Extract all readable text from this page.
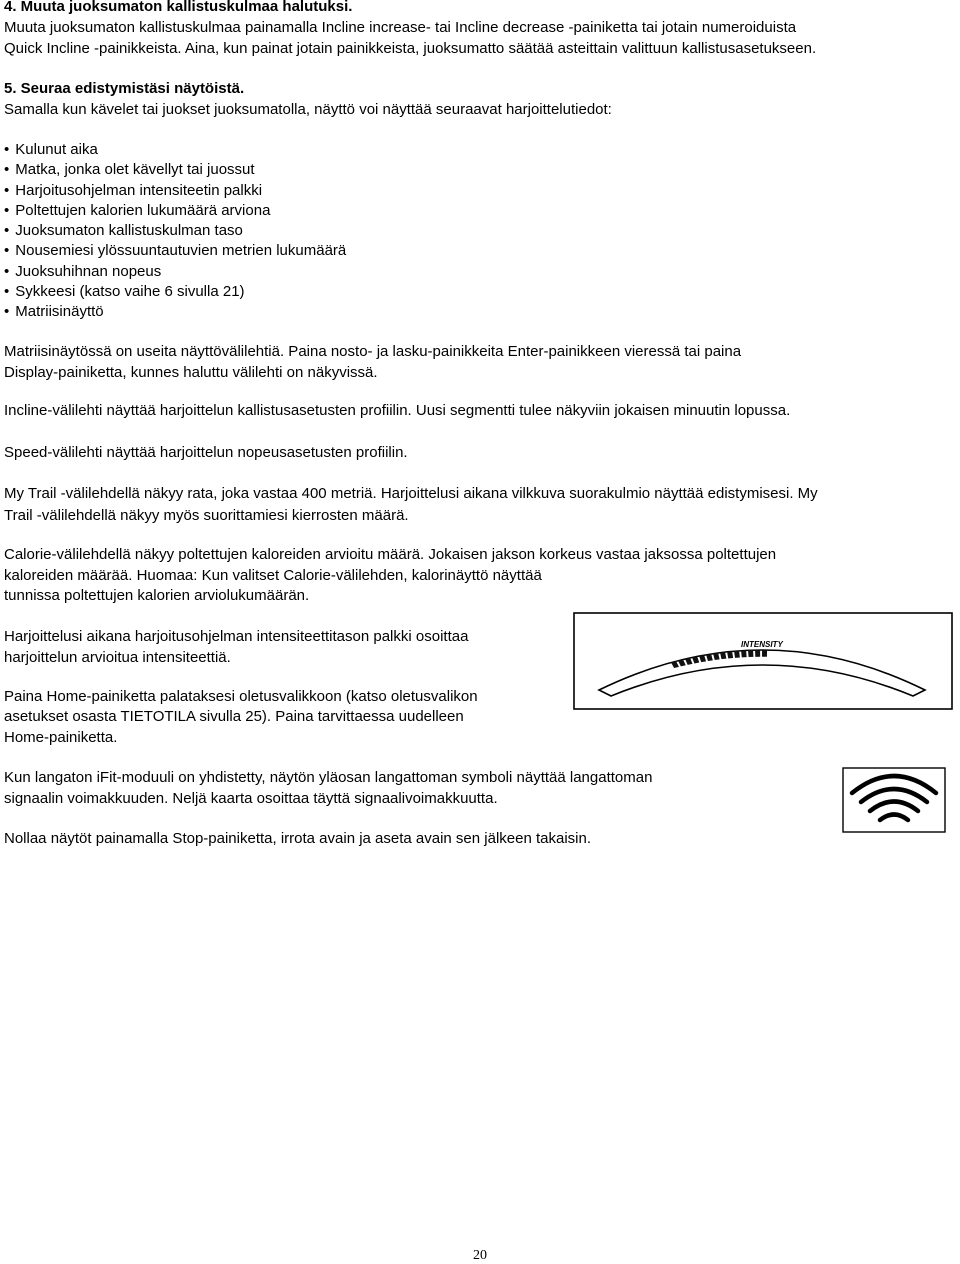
4. Muuta juoksumaton kallistuskulmaa halutuksi.

Muuta juoksumaton kallistuskulmaa painamalla Incline increase- tai Incline decrease -painiketta tai jotain numeroiduista

Quick Incline -painikkeista. Aina, kun painat jotain painikkeista, juoksumatto säätää asteittain valittuun kallistusasetukseen.

5. Seuraa edistymistäsi näytöistä.

Samalla kun kävelet tai juokset juoksumatolla, näyttö voi näyttää seuraavat harjoittelutiedot:

• Kulunut aika
• Matka, jonka olet kävellyt tai juossut
• Harjoitusohjelman intensiteetin palkki
• Poltettujen kalorien lukumäärä arviona
• Juoksumaton kallistuskulman taso
• Nousemiesi ylössuuntautuvien metrien lukumäärä
• Juoksuhihnan nopeus
• Sykkeesi (katso vaihe 6 sivulla 21)
• Matriisinäyttö

Matriisinäytössä on useita näyttövälilehtiä. Paina nosto- ja lasku-painikkeita Enter-painikkeen vieressä tai paina

Display-painiketta, kunnes haluttu välilehti on näkyvissä.

Incline-välilehti näyttää harjoittelun kallistusasetusten profiilin. Uusi segmentti tulee näkyviin jokaisen minuutin lopussa.

Speed-välilehti näyttää harjoittelun nopeusasetusten profiilin.

My Trail -välilehdellä näkyy rata, joka vastaa 400 metriä. Harjoittelusi aikana vilkkuva suorakulmio näyttää edistymisesi. My

Trail -välilehdellä näkyy myös suorittamiesi kierrosten määrä.

Calorie-välilehdellä näkyy poltettujen kaloreiden arvioitu määrä. Jokaisen jakson korkeus vastaa jaksossa poltettujen

kaloreiden määrää. Huomaa: Kun valitset Calorie-välilehden, kalorinäyttö näyttää

tunnissa poltettujen kalorien arviolukumäärän.

Harjoittelusi aikana harjoitusohjelman intensiteettitason palkki osoittaa

harjoittelun arvioitua intensiteettiä.

Paina Home-painiketta palataksesi oletusvalikkoon (katso oletusvalikon

asetukset osasta TIETOTILA sivulla 25). Paina tarvittaessa uudelleen

Home-painiketta.

Kun langaton iFit-moduuli on yhdistetty, näytön yläosan langattoman symboli näyttää langattoman

signaalin voimakkuuden. Neljä kaarta osoittaa täyttä signaalivoimakkuutta.

Nollaa näytöt painamalla Stop-painiketta, irrota avain ja aseta avain sen jälkeen takaisin.

INTENSITY
20
